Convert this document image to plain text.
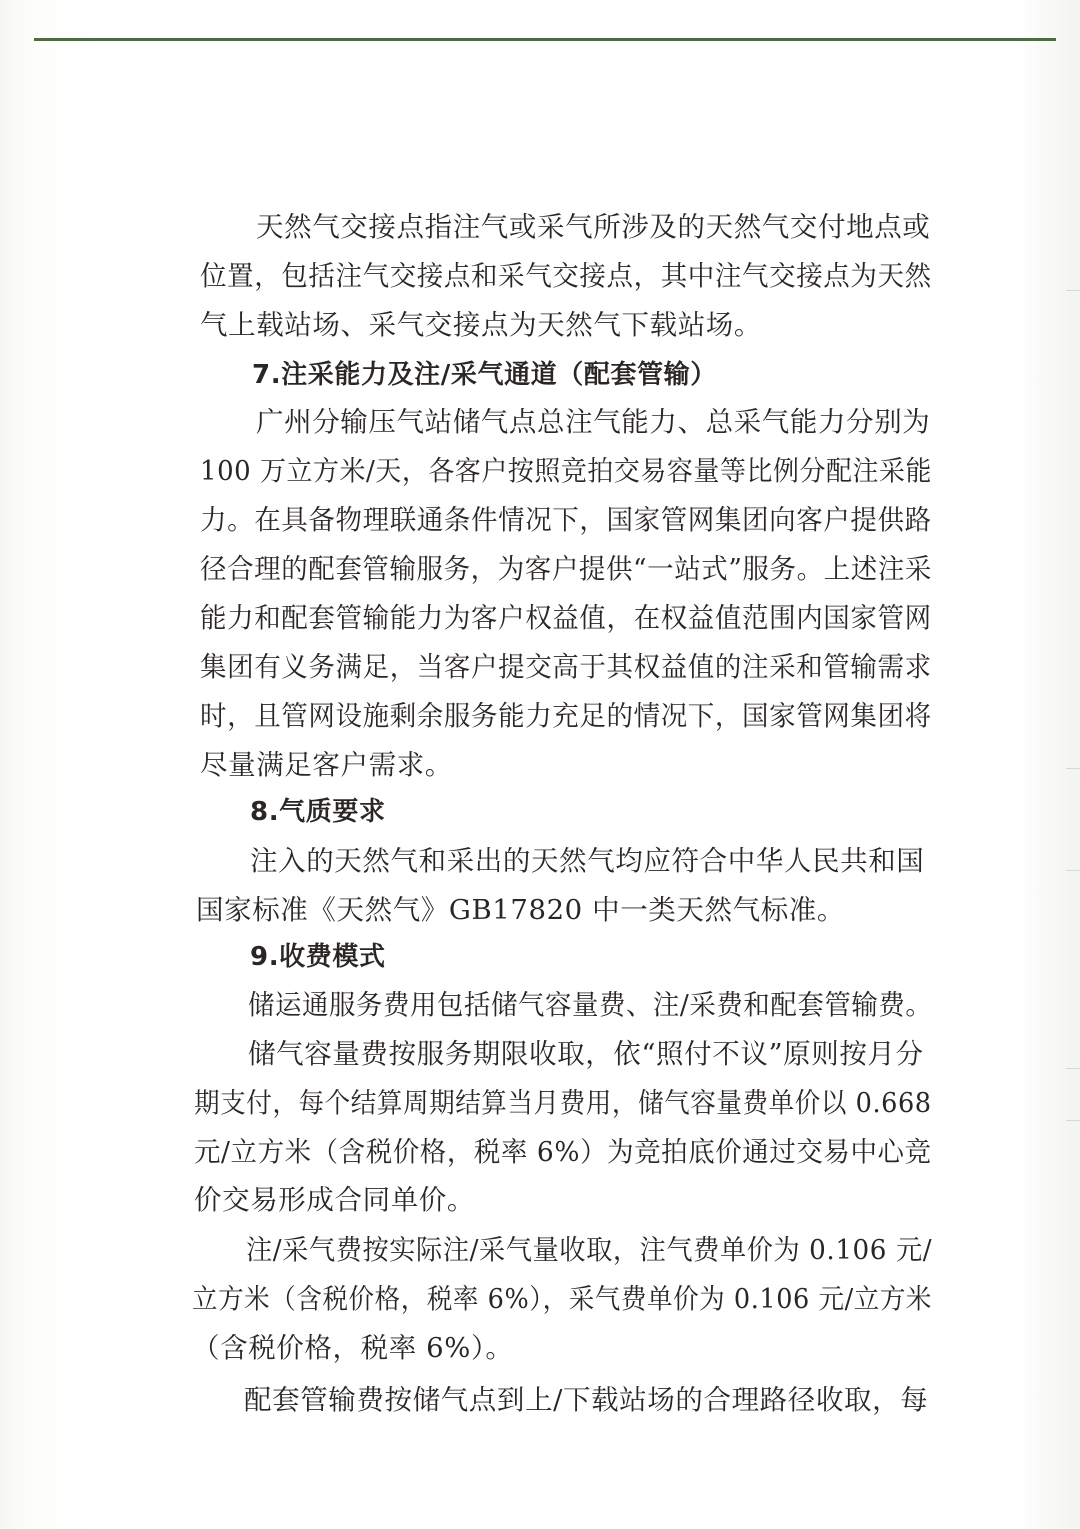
天然气交接点指注气或采气所涉及的天然气交付地点或

位置，包括注气交接点和采气交接点，其中注气交接点为天然

气上载站场、采气交接点为天然气下载站场。

7.注采能力及注/采气通道（配套管输）

广州分输压气站储气点总注气能力、总采气能力分别为

100 万立方米/天，各客户按照竞拍交易容量等比例分配注采能

力。在具备物理联通条件情况下，国家管网集团向客户提供路

径合理的配套管输服务，为客户提供“一站式”服务。上述注采

能力和配套管输能力为客户权益值，在权益值范围内国家管网

集团有义务满足，当客户提交高于其权益值的注采和管输需求

时，且管网设施剩余服务能力充足的情况下，国家管网集团将

尽量满足客户需求。

8.气质要求

注入的天然气和采出的天然气均应符合中华人民共和国

国家标准《天然气》GB17820 中一类天然气标准。

9.收费模式

储运通服务费用包括储气容量费、注/采费和配套管输费。

储气容量费按服务期限收取，依“照付不议”原则按月分

期支付，每个结算周期结算当月费用，储气容量费单价以 0.668

元/立方米（含税价格，税率 6%）为竞拍底价通过交易中心竞

价交易形成合同单价。

注/采气费按实际注/采气量收取，注气费单价为 0.106 元/

立方米（含税价格，税率 6%），采气费单价为 0.106 元/立方米

（含税价格，税率 6%）。

配套管输费按储气点到上/下载站场的合理路径收取，每
